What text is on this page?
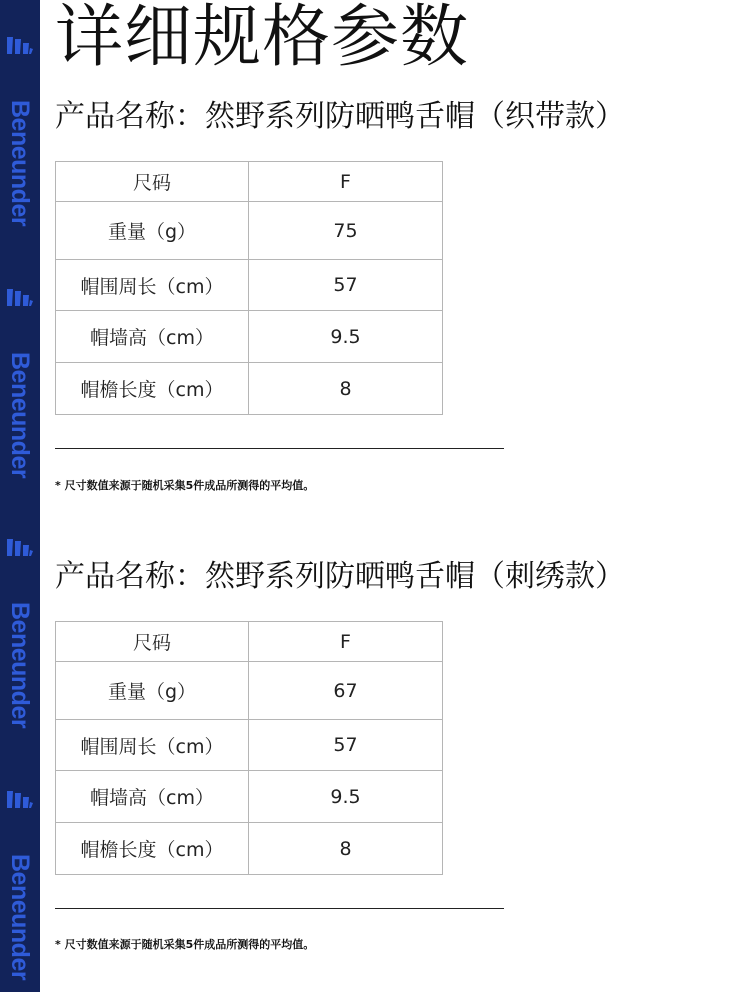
Beneunder
Beneunder
Beneunder
Beneunder
详细规格参数
产品名称：然野系列防晒鸭舌帽（织带款）
尺码	F
重量（g）	75
帽围周长（cm）	57
帽墙高（cm）	9.5
帽檐长度（cm）	8

* 尺寸数值来源于随机采集5件成品所测得的平均值。

产品名称：然野系列防晒鸭舌帽（刺绣款）
尺码	F
重量（g）	67
帽围周长（cm）	57
帽墙高（cm）	9.5
帽檐长度（cm）	8

* 尺寸数值来源于随机采集5件成品所测得的平均值。
